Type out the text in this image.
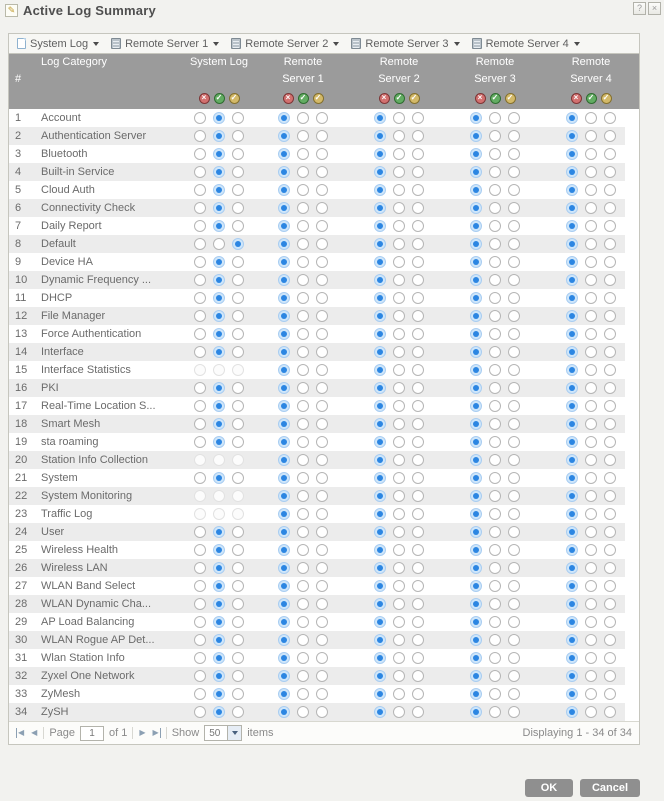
✎ Active Log Summary	?	×
System Log	Remote Server 1	Remote Server 2	Remote Server 3	Remote Server 4
#
Log Category	System Log
×	✓ ✓
Remote
Server 1
×	✓ ✓
Remote
Server 2
×	✓ ✓
Remote
Server 3
×	✓ ✓
Remote
Server 4
×	✓ ✓
1	Account
2	Authentication Server
3	Bluetooth
4	Built-in Service
5	Cloud Auth
6	Connectivity Check
7	Daily Report
8	Default
9	Device HA
10	Dynamic Frequency ...
11	DHCP
12	File Manager
13	Force Authentication
14	Interface
15	Interface Statistics
16	PKI
17	Real-Time Location S...
18	Smart Mesh
19	sta roaming
20	Station Info Collection
21	System
22	System Monitoring
23	Traffic Log
24	User
25	Wireless Health
26	Wireless LAN
27	WLAN Band Select
28	WLAN Dynamic Cha...
29	AP Load Balancing
30	WLAN Rogue AP Det...
31	Wlan Station Info
32	Zyxel One Network
33	ZyMesh
34	ZySH
◀ ◀ Page
1	of 1 ▶ ▶ Show	50	items	Displaying 1 - 34 of 34
OK	Cancel
